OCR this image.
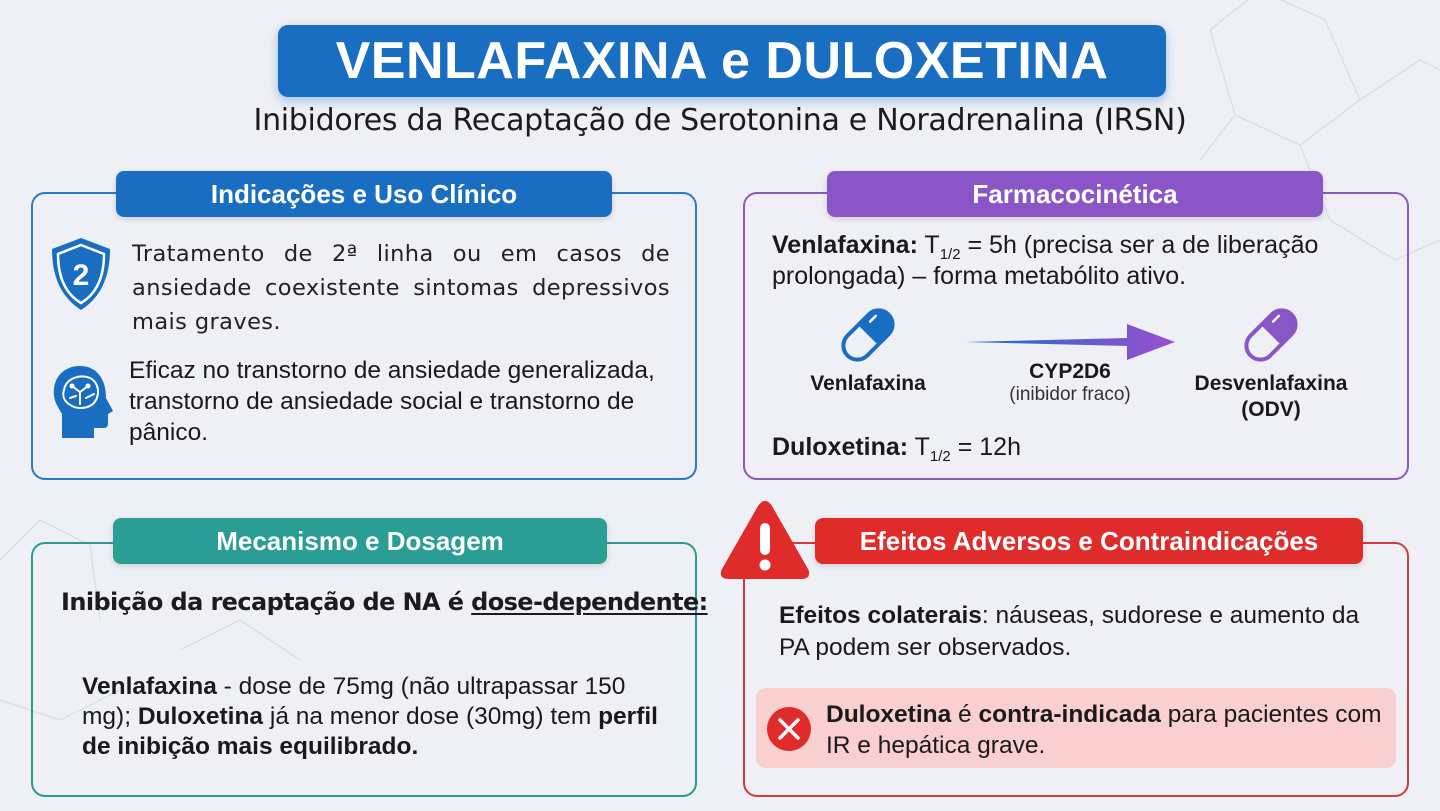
VENLAFAXINA e DULOXETINA
Inibidores da Recaptação de Serotonina e Noradrenalina (IRSN)
Indicações e Uso Clínico
2
Tratamento de 2ª linha ou em casos de ansiedade coexistente sintomas depressivos mais graves.
Eficaz no transtorno de ansiedade generalizada, transtorno de ansiedade social e transtorno de pânico.
Farmacocinética
Venlafaxina: $T_{1/2} = 5h$ (precisa ser a de liberação
prolongada) – forma metabólito ativo.
Venlafaxina
CYP2D6
(inibidor fraco)	Desvenlafaxina
(ODV)
Duloxetina: $T_{1/2} = 12h$
Mecanismo e Dosagem
Inibição da recaptação de NA é dose-dependente:
Venlafaxina - dose de 75mg (não ultrapassar 150 mg); Duloxetina já na menor dose (30mg) tem perfil de inibição mais equilibrado.
Efeitos Adversos e Contraindicações
Efeitos colaterais: náuseas, sudorese e aumento da PA podem ser observados.
Duloxetina é contra-indicada para pacientes com IR e hepática grave.
